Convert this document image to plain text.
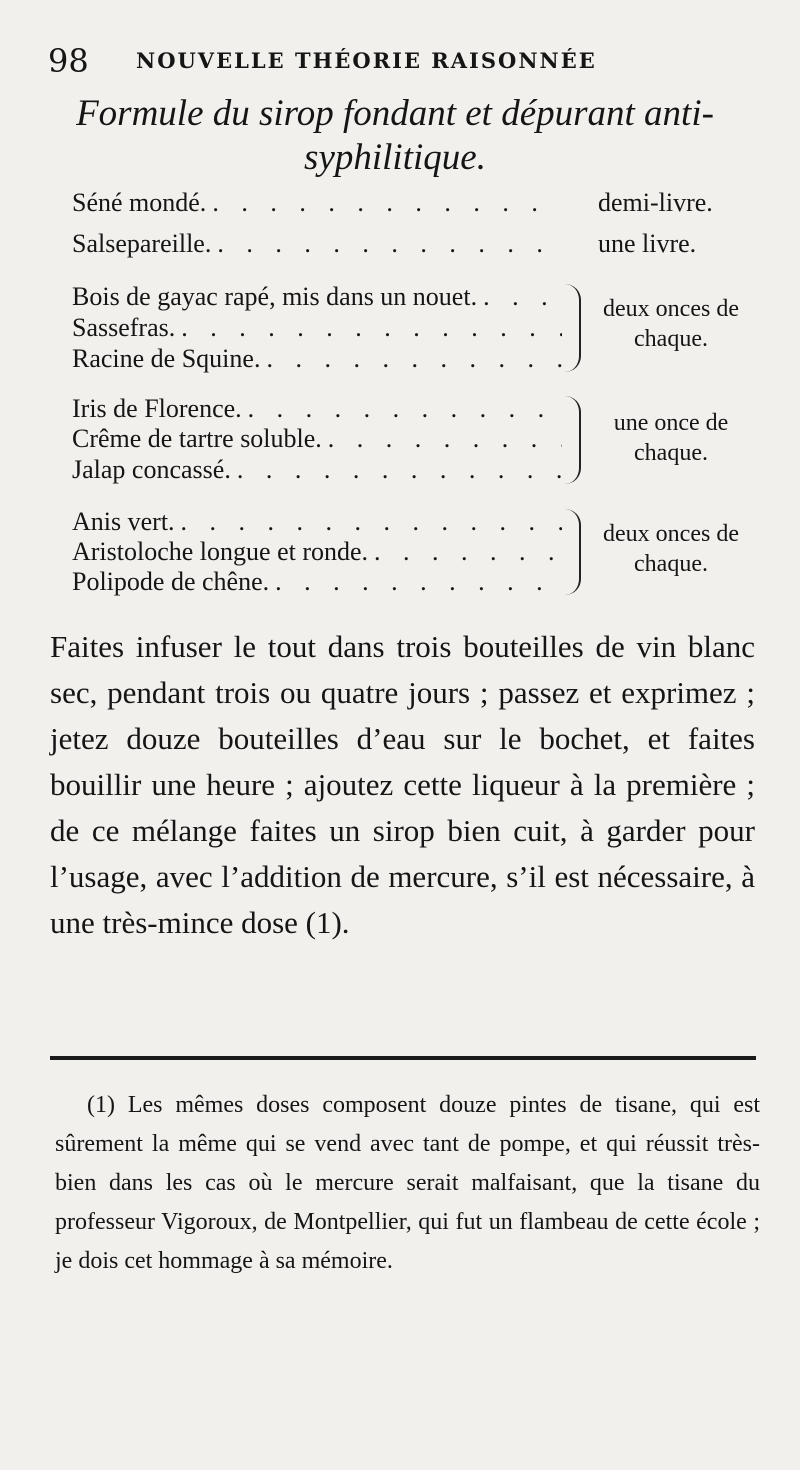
98 NOUVELLE THÉORIE RAISONNÉE
Formule du sirop fondant et dépurant anti-syphilitique.
Séné mondé. . . .	demi-livre.
Salsepareille. . . .	une livre.
Bois de gayac rapé, mis dans un nouet.
. . .
Sassefras.
. . .
Racine de Squine.
. . .
deux onces de chaque.
Iris de Florence.
. . .
Crême de tartre soluble.
. . .
Jalap concassé.
. . .
une once de chaque.
Anis vert.
. . .
Aristoloche longue et ronde.
. . .
Polipode de chêne.
. . .
deux onces de chaque.
Faites infuser le tout dans trois bouteilles de vin blanc sec, pendant trois ou quatre jours ; passez et exprimez ; jetez douze bouteilles d’eau sur le bochet, et faites bouillir une heure ; ajoutez cette liqueur à la première ; de ce mélange faites un sirop bien cuit, à garder pour l’usage, avec l’addition de mercure, s’il est nécessaire, à une très-mince dose (1).
(1) Les mêmes doses composent douze pintes de tisane, qui est sûrement la même qui se vend avec tant de pompe, et qui réussit très-bien dans les cas où le mercure serait malfaisant, que la tisane du professeur Vigoroux, de Montpellier, qui fut un flambeau de cette école ; je dois cet hommage à sa mémoire.
